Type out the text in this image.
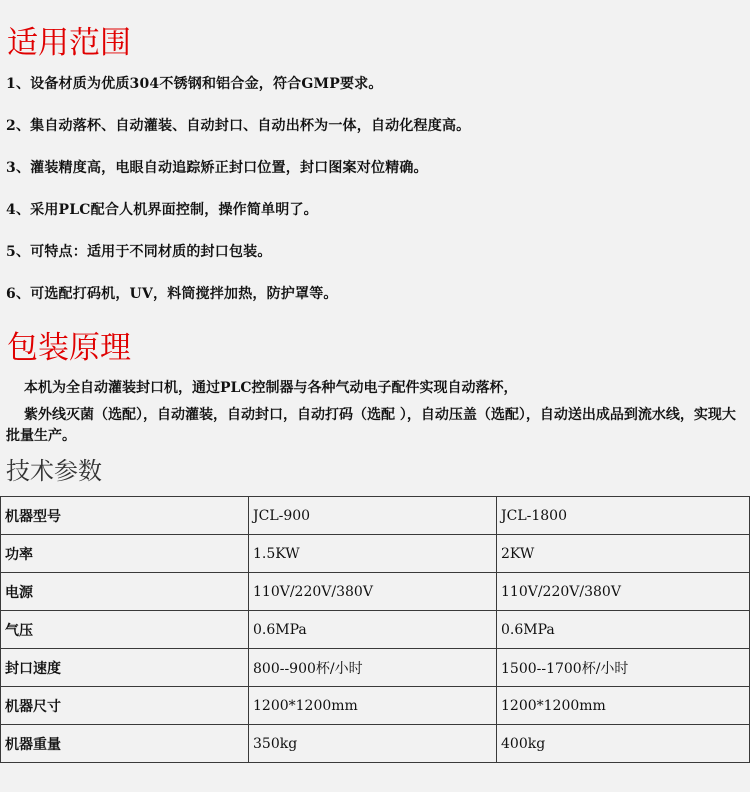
适用范围
1、设备材质为优质304不锈钢和铝合金，符合GMP要求。
2、集自动落杯、自动灌装、自动封口、自动出杯为一体，自动化程度高。
3、灌装精度高，电眼自动追踪矫正封口位置，封口图案对位精确。
4、采用PLC配合人机界面控制，操作简单明了。
5、可特点：适用于不同材质的封口包装。
6、可选配打码机，UV，料筒搅拌加热，防护罩等。
包装原理
本机为全自动灌装封口机，通过PLC控制器与各种气动电子配件实现自动落杯，
紫外线灭菌（选配），自动灌装，自动封口，自动打码（选配 ），自动压盖（选配），自动送出成品到流水线，实现大批量生产。
技术参数
机器型号	JCL-900	JCL-1800
功率	1.5KW	2KW
电源	110V/220V/380V	110V/220V/380V
气压	0.6MPa	0.6MPa
封口速度	800--900杯/小时	1500--1700杯/小时
机器尺寸	1200*1200mm	1200*1200mm
机器重量	350kg	400kg
